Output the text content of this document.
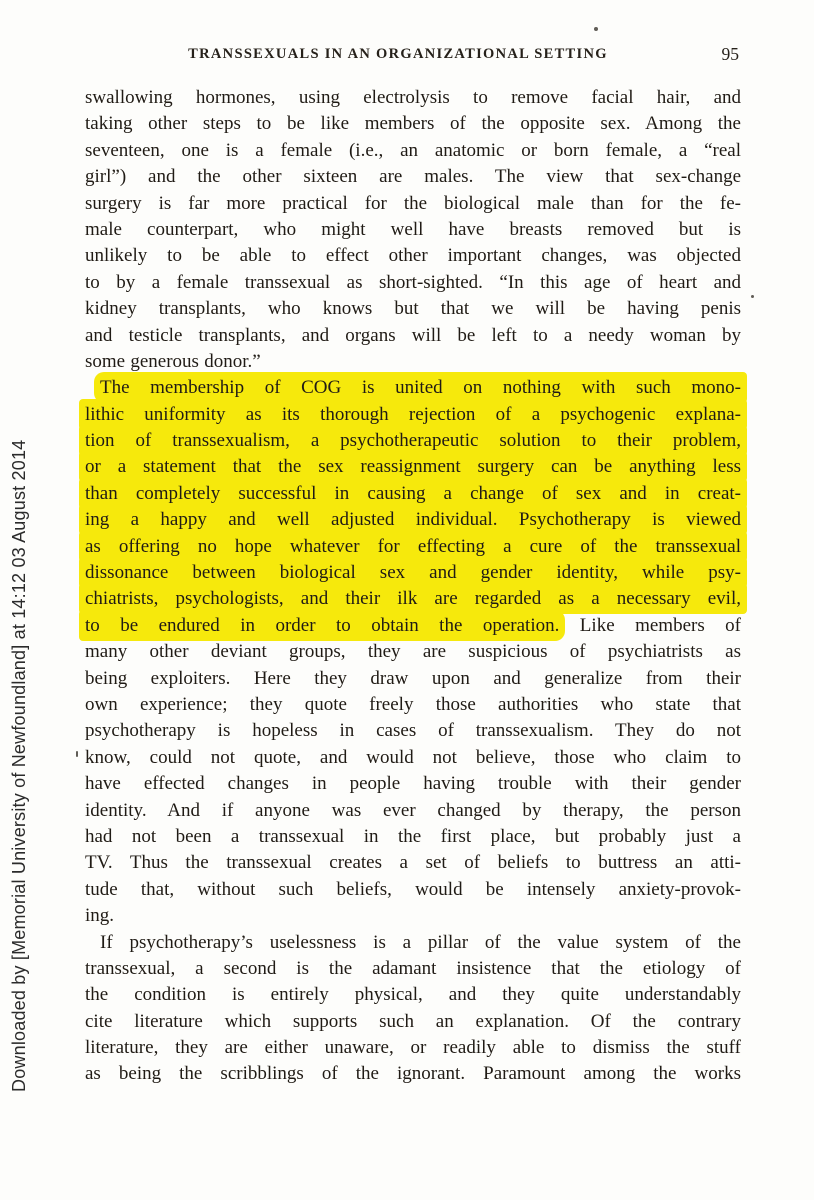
TRANSSEXUALS IN AN ORGANIZATIONAL SETTING	95
Downloaded by [Memorial University of Newfoundland] at 14:12 03 August 2014
swallowing hormones, using electrolysis to remove facial hair, and
taking other steps to be like members of the opposite sex. Among the
seventeen, one is a female (i.e., an anatomic or born female, a “real
girl”) and the other sixteen are males. The view that sex-change
surgery is far more practical for the biological male than for the fe-
male counterpart, who might well have breasts removed but is
unlikely to be able to effect other important changes, was objected
to by a female transsexual as short-sighted. “In this age of heart and
kidney transplants, who knows but that we will be having penis
and testicle transplants, and organs will be left to a needy woman by
some generous donor.”
The membership of COG is united on nothing with such mono-
lithic uniformity as its thorough rejection of a psychogenic explana-
tion of transsexualism, a psychotherapeutic solution to their problem,
or a statement that the sex reassignment surgery can be anything less
than completely successful in causing a change of sex and in creat-
ing a happy and well adjusted individual. Psychotherapy is viewed
as offering no hope whatever for effecting a cure of the transsexual
dissonance between biological sex and gender identity, while psy-
chiatrists, psychologists, and their ilk are regarded as a necessary evil,
to be endured in order to obtain the operation. Like members of
many other deviant groups, they are suspicious of psychiatrists as
being exploiters. Here they draw upon and generalize from their
own experience; they quote freely those authorities who state that
psychotherapy is hopeless in cases of transsexualism. They do not
know, could not quote, and would not believe, those who claim to
have effected changes in people having trouble with their gender
identity. And if anyone was ever changed by therapy, the person
had not been a transsexual in the first place, but probably just a
TV. Thus the transsexual creates a set of beliefs to buttress an atti-
tude that, without such beliefs, would be intensely anxiety-provok-
ing.
If psychotherapy’s uselessness is a pillar of the value system of the
transsexual, a second is the adamant insistence that the etiology of
the condition is entirely physical, and they quite understandably
cite literature which supports such an explanation. Of the contrary
literature, they are either unaware, or readily able to dismiss the stuff
as being the scribblings of the ignorant. Paramount among the works
